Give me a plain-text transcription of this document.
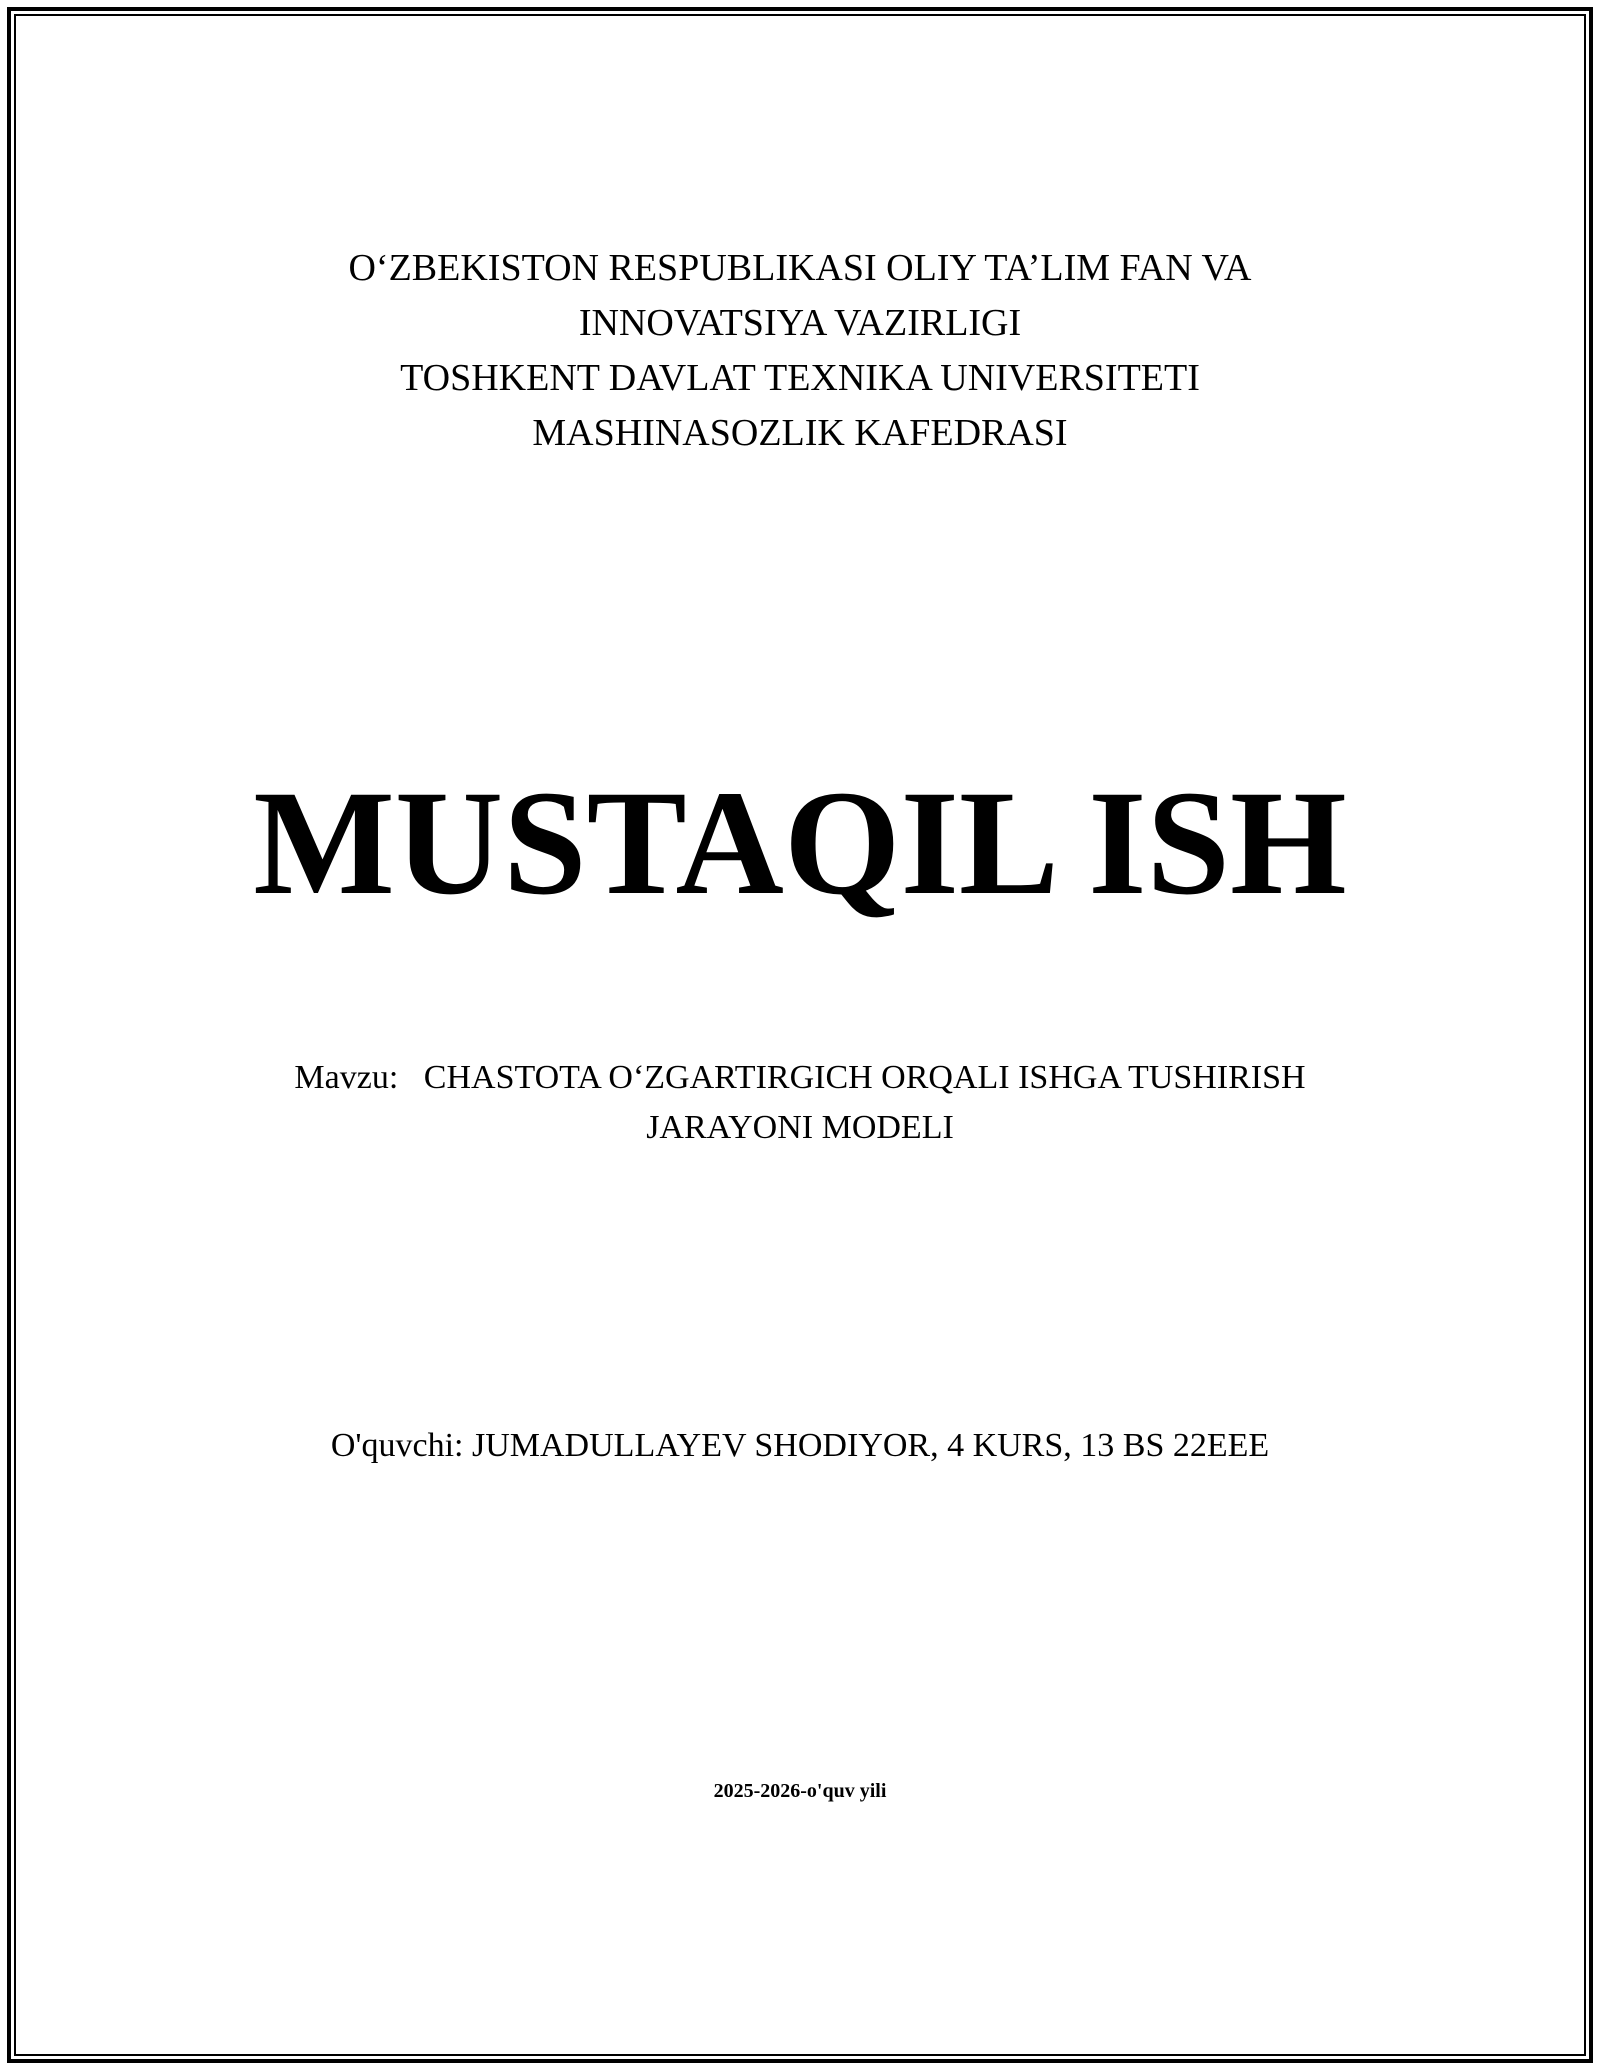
O‘ZBEKISTON RESPUBLIKASI OLIY TA’LIM FAN VA
INNOVATSIYA VAZIRLIGI
TOSHKENT DAVLAT TEXNIKA UNIVERSITETI
MASHINASOZLIK KAFEDRASI
MUSTAQIL ISH
Mavzu: CHASTOTA O‘ZGARTIRGICH ORQALI ISHGA TUSHIRISH
JARAYONI MODELI
O'quvchi: JUMADULLAYEV SHODIYOR, 4 KURS, 13 BS 22EEE
2025-2026-o'quv yili
